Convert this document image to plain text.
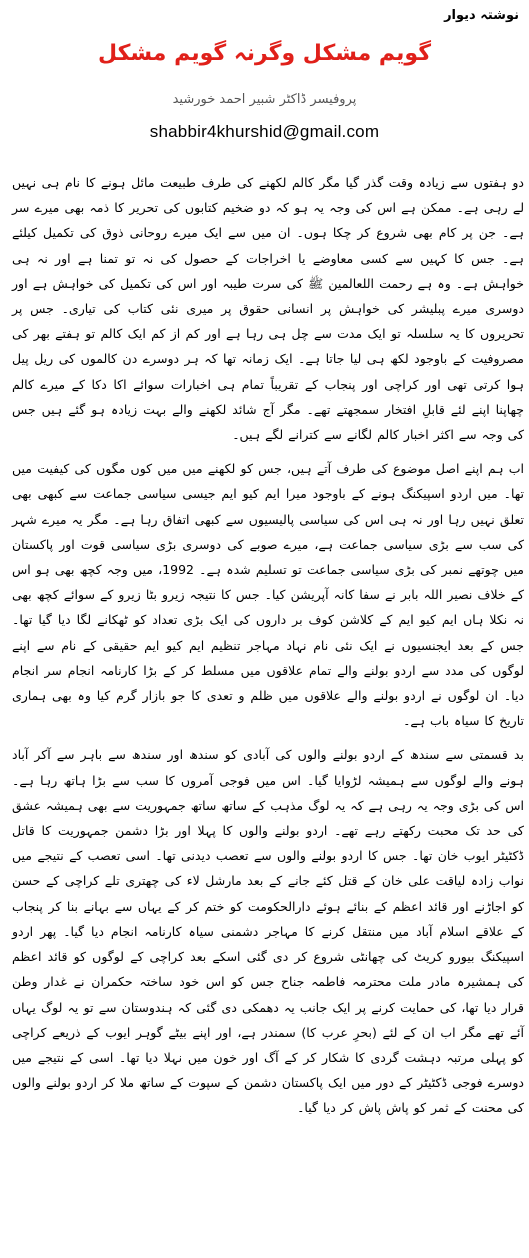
نوشتہ دیوار
گویم مشکل وگرنہ گویم مشکل
پروفیسر ڈاکٹر شبیر احمد خورشید
shabbir4khurshid@gmail.com

دو ہفتوں سے زیادہ وقت گذر گیا مگر کالم لکھنے کی طرف طبیعت مائل ہونے کا نام ہی نہیں لے رہی ہے۔ ممکن ہے اس کی وجہ یہ ہو کہ دو ضخیم کتابوں کی تحریر کا ذمہ بھی میرے سر ہے۔ جن پر کام بھی شروع کر چکا ہوں۔ ان میں سے ایک میرے روحانی ذوق کی تکمیل کیلئے ہے۔ جس کا کہیں سے کسی معاوضے یا اخراجات کے حصول کی نہ تو تمنا ہے اور نہ ہی خواہش ہے۔ وہ ہے رحمت اللعالمین ﷺ کی سرت طیبہ اور اس کی تکمیل کی خواہش ہے اور دوسری میرے پبلیشر کی خواہش پر انسانی حقوق پر میری نئی کتاب کی تیاری۔ جس پر تحریروں کا یہ سلسلہ تو ایک مدت سے چل ہی رہا ہے اور کم از کم ایک کالم تو ہفتے بھر کی مصروفیت کے باوجود لکھ ہی لیا جاتا ہے۔ ایک زمانہ تھا کہ ہر دوسرے دن کالموں کی ریل پیل ہوا کرتی تھی اور کراچی اور پنجاب کے تقریباً تمام ہی اخبارات سوائے اکا دکا کے میرے کالم چھاپنا اپنے لئے قابلِ افتخار سمجھتے تھے۔ مگر آج شائد لکھنے والے بہت زیادہ ہو گئے ہیں جس کی وجہ سے اکثر اخبار کالم لگانے سے کترانے لگے ہیں۔

اب ہم اپنے اصل موضوع کی طرف آتے ہیں، جس کو لکھنے میں میں کوں مگوں کی کیفیت میں تھا۔ میں اردو اسپیکنگ ہونے کے باوجود میرا ایم کیو ایم جیسی سیاسی جماعت سے کبھی بھی تعلق نہیں رہا اور نہ ہی اس کی سیاسی پالیسیوں سے کبھی اتفاق رہا ہے۔ مگر یہ میرے شہر کی سب سے بڑی سیاسی جماعت ہے، میرے صوبے کی دوسری بڑی سیاسی قوت اور پاکستان میں چوتھے نمبر کی بڑی سیاسی جماعت تو تسلیم شدہ ہے۔ 1992، میں وجہ کچھ بھی ہو اس کے خلاف نصیر اللہ بابر نے سفا کانہ آپریشن کیا۔ جس کا نتیجہ زیرو بٹا زیرو کے سوائے کچھ بھی نہ نکلا ہاں ایم کیو ایم کے کلاشن کوف بر داروں کی ایک بڑی تعداد کو ٹھکانے لگا دیا گیا تھا۔ جس کے بعد ایجنسیوں نے ایک نئی نام نہاد مہاجر تنظیم ایم کیو ایم حقیقی کے نام سے اپنے لوگوں کی مدد سے اردو بولنے والے تمام علاقوں میں مسلط کر کے بڑا کارنامہ انجام سر انجام دیا۔ ان لوگوں نے اردو بولنے والے علاقوں میں ظلم و تعدی کا جو بازار گرم کیا وہ بھی ہماری تاریخ کا سیاہ باب ہے۔

بد قسمتی سے سندھ کے اردو بولنے والوں کی آبادی کو سندھ اور سندھ سے باہر سے آکر آباد ہونے والے لوگوں سے ہمیشہ لڑوایا گیا۔ اس میں فوجی آمروں کا سب سے بڑا ہاتھ رہا ہے۔ اس کی بڑی وجہ یہ رہی ہے کہ یہ لوگ مذہب کے ساتھ ساتھ جمہوریت سے بھی ہمیشہ عشق کی حد تک محبت رکھتے رہے تھے۔ اردو بولنے والوں کا پہلا اور بڑا دشمن جمہوریت کا قاتل ڈکٹیٹر ایوب خان تھا۔ جس کا اردو بولنے والوں سے تعصب دیدنی تھا۔ اسی تعصب کے نتیجے میں نواب زادہ لیاقت علی خان کے قتل کئے جانے کے بعد مارشل لاء کی چھتری تلے کراچی کے حسن کو اجاڑنے اور قائد اعظم کے بنائے ہوئے دارالحکومت کو ختم کر کے یہاں سے بہانے بنا کر پنجاب کے علاقے اسلام آباد میں منتقل کرنے کا مہاجر دشمنی سیاہ کارنامہ انجام دیا گیا۔ پھر اردو اسپیکنگ بیورو کریٹ کی چھانٹی شروع کر دی گئی اسکے بعد کراچی کے لوگوں کو قائد اعظم کی ہمشیرہ مادر ملت محترمہ فاطمہ جناح جس کو اس خود ساختہ حکمران نے غدار وطن قرار دیا تھا، کی حمایت کرنے پر ایک جانب یہ دھمکی دی گئی کہ ہندوستان سے تو یہ لوگ یہاں آئے تھے مگر اب ان کے لئے (بحرِ عرب کا) سمندر ہے، اور اپنے بیٹے گوہر ایوب کے ذریعے کراچی کو پہلی مرتبہ دہشت گردی کا شکار کر کے آگ اور خون میں نہلا دیا تھا۔ اسی کے نتیجے میں دوسرے فوجی ڈکٹیٹر کے دور میں ایک پاکستان دشمن کے سپوت کے ساتھ ملا کر اردو بولنے والوں کی محنت کے ثمر کو پاش پاش کر دیا گیا۔
